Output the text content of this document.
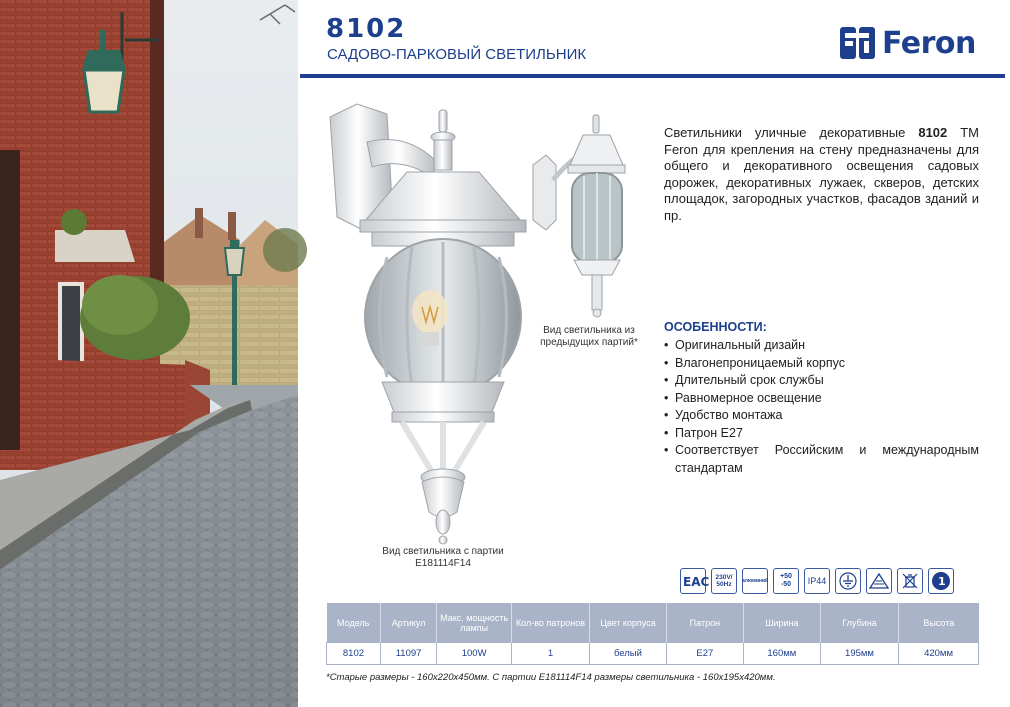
8102
САДОВО-ПАРКОВЫЙ СВЕТИЛЬНИК	Feron
Вид светильника из предыдущих партий*
Вид светильника с партии E181114F14
Светильники уличные декоративные 8102 ТМ Feron для крепления на стену предназначены для общего и декоративного освещения садовых дорожек, декоративных лужаек, скверов, детских площадок, загородных участков, фасадов зданий и пр.
ОСОБЕННОСТИ:
• Оригинальный дизайн
• Влагонепроницаемый корпус
• Длительный срок службы
• Равномерное освещение
• Удобство монтажа
• Патрон E27
• Соответствует Российским и международным стандартам
EAC 230V/ 50Hz	алюминий
+50
-50	IP44	1
Модель	Артикул	Макс. мощность лампы	Кол-во патронов	Цвет корпуса	Патрон	Ширина	Глубина	Высота
8102	11097	100W	1	белый	E27	160мм	195мм	420мм
*Старые размеры - 160х220х450мм. С партии E181114F14 размеры светильника - 160х195х420мм.
